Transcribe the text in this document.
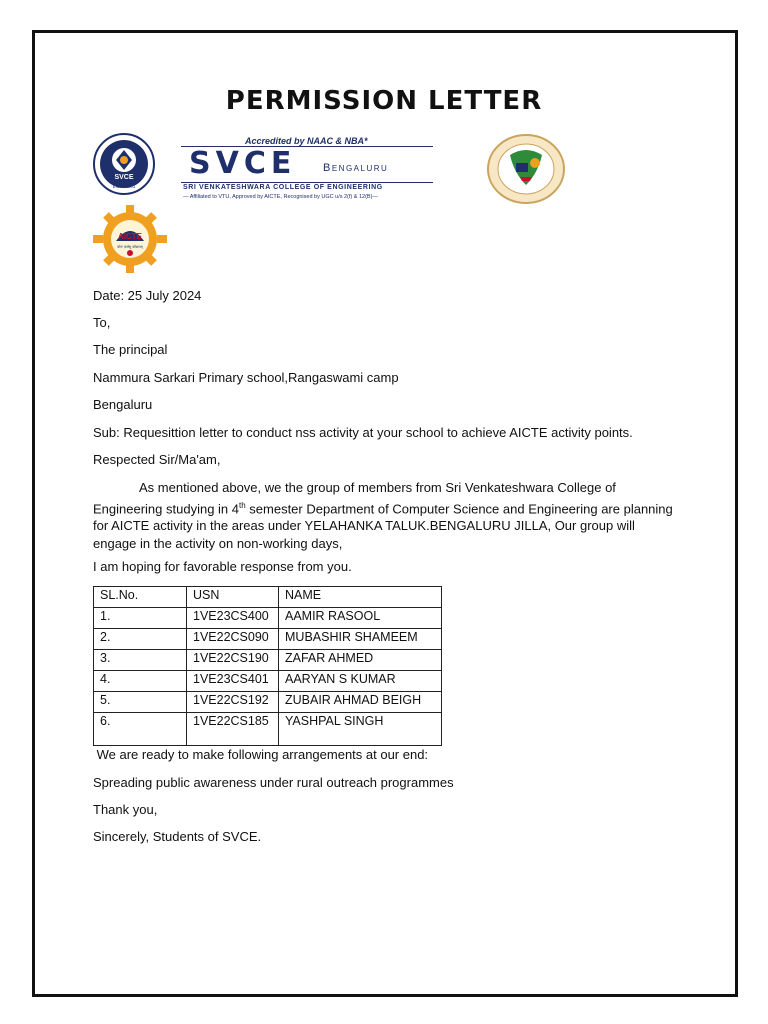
PERMISSION LETTER
SVCE
Estd.: 2001
Accredited by NAAC & NBA*
SVCE Bengaluru
SRI VENKATESHWARA COLLEGE OF ENGINEERING
— Affiliated to VTU, Approved by AICTE, Recognised by UGC u/s 2(f) & 12(B)—
AICTE
योगः कर्मसु कौशलम्
Date: 25 July 2024
To,
The principal
Nammura Sarkari Primary school,Rangaswami camp
Bengaluru
Sub: Requesittion letter to conduct nss activity at your school to achieve AICTE activity points.
Respected Sir/Ma'am,
As mentioned above, we the group of members from Sri Venkateshwara College of Engineering studying in 4th semester Department of Computer Science and Engineering are planning for AICTE activity in the areas under YELAHANKA TALUK.BENGALURU JILLA, Our group will engage in the activity on non-working days,
I am hoping for favorable response from you.
SL.No.	USN	NAME
1.	1VE23CS400	AAMIR RASOOL
2.	1VE22CS090	MUBASHIR SHAMEEM
3.	1VE22CS190	ZAFAR AHMED
4.	1VE23CS401	AARYAN S KUMAR
5.	1VE22CS192	ZUBAIR AHMAD BEIGH
6.	1VE22CS185	YASHPAL SINGH
We are ready to make following arrangements at our end:
Spreading public awareness under rural outreach programmes
Thank you,
Sincerely, Students of SVCE.
